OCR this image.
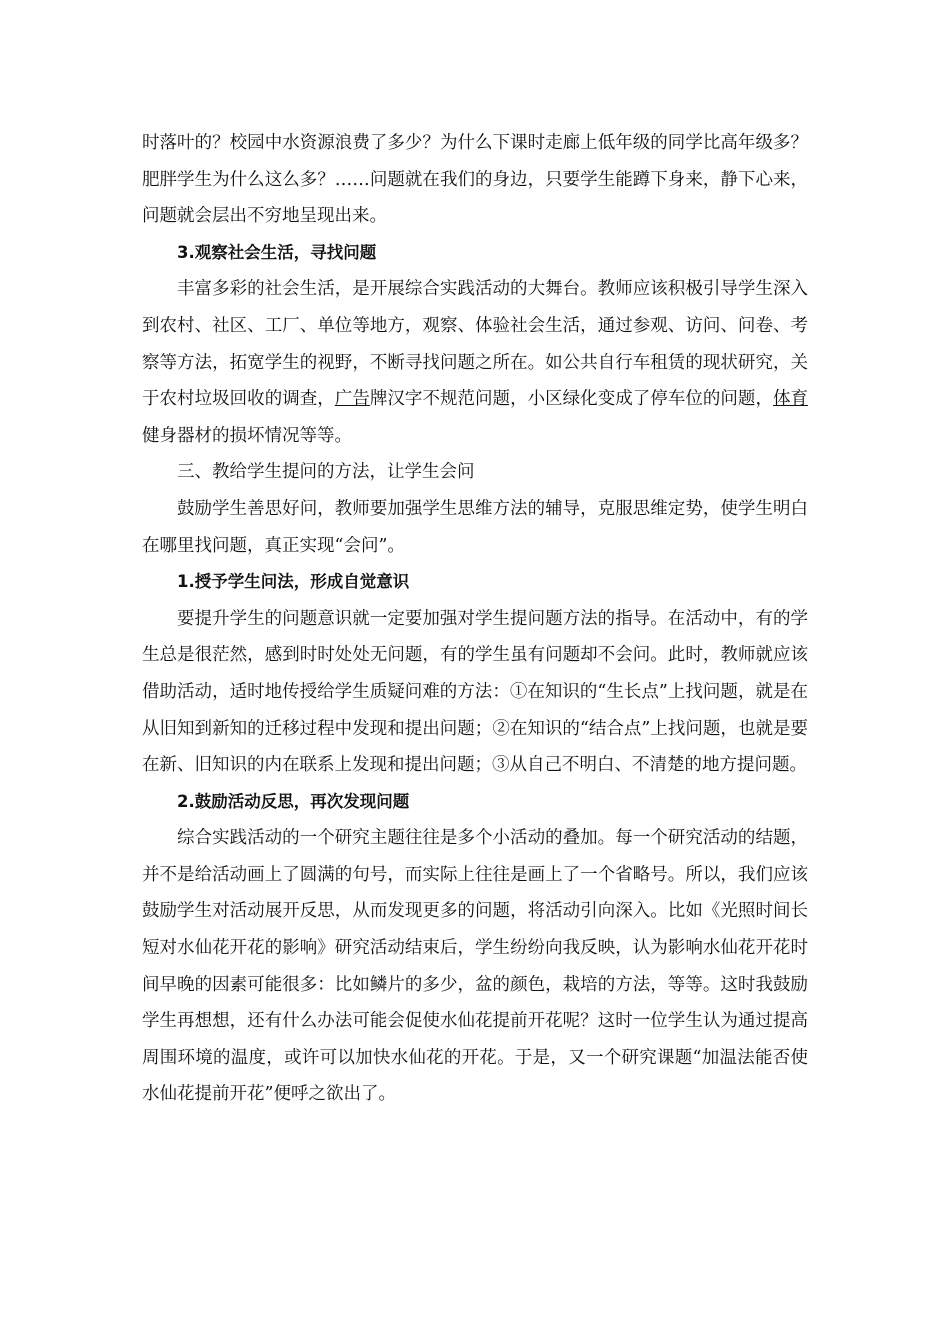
时落叶的？校园中水资源浪费了多少？为什么下课时走廊上低年级的同学比高年级多？肥胖学生为什么这么多？……问题就在我们的身边，只要学生能蹲下身来，静下心来，问题就会层出不穷地呈现出来。

3.观察社会生活，寻找问题

丰富多彩的社会生活，是开展综合实践活动的大舞台。教师应该积极引导学生深入到农村、社区、工厂、单位等地方，观察、体验社会生活，通过参观、访问、问卷、考察等方法，拓宽学生的视野，不断寻找问题之所在。如公共自行车租赁的现状研究，关于农村垃圾回收的调查，广告牌汉字不规范问题，小区绿化变成了停车位的问题，体育健身器材的损坏情况等等。

三、教给学生提问的方法，让学生会问

鼓励学生善思好问，教师要加强学生思维方法的辅导，克服思维定势，使学生明白在哪里找问题，真正实现“会问”。

1.授予学生问法，形成自觉意识

要提升学生的问题意识就一定要加强对学生提问题方法的指导。在活动中，有的学生总是很茫然，感到时时处处无问题，有的学生虽有问题却不会问。此时，教师就应该借助活动，适时地传授给学生质疑问难的方法：①在知识的“生长点”上找问题，就是在从旧知到新知的迁移过程中发现和提出问题；②在知识的“结合点”上找问题，也就是要在新、旧知识的内在联系上发现和提出问题；③从自己不明白、不清楚的地方提问题。

2.鼓励活动反思，再次发现问题

综合实践活动的一个研究主题往往是多个小活动的叠加。每一个研究活动的结题，并不是给活动画上了圆满的句号，而实际上往往是画上了一个省略号。所以，我们应该鼓励学生对活动展开反思，从而发现更多的问题，将活动引向深入。比如《光照时间长短对水仙花开花的影响》研究活动结束后，学生纷纷向我反映，认为影响水仙花开花时间早晚的因素可能很多：比如鳞片的多少，盆的颜色，栽培的方法，等等。这时我鼓励学生再想想，还有什么办法可能会促使水仙花提前开花呢？这时一位学生认为通过提高周围环境的温度，或许可以加快水仙花的开花。于是，又一个研究课题“加温法能否使水仙花提前开花”便呼之欲出了。
